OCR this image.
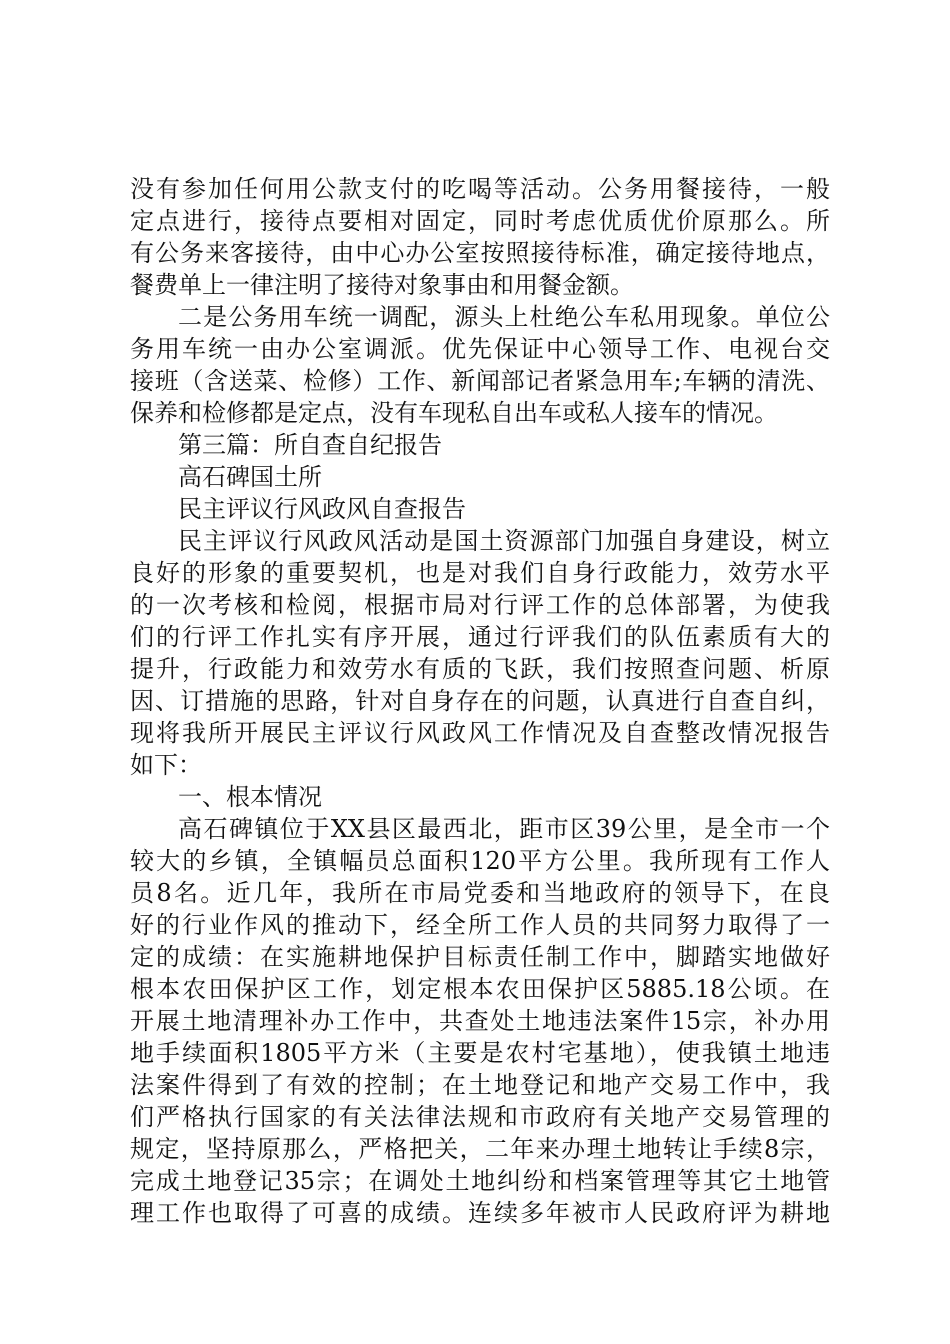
没有参加任何用公款支付的吃喝等活动。公务用餐接待，一般
定点进行，接待点要相对固定，同时考虑优质优价原那么。所
有公务来客接待，由中心办公室按照接待标准，确定接待地点，
餐费单上一律注明了接待对象事由和用餐金额。
二是公务用车统一调配，源头上杜绝公车私用现象。单位公
务用车统一由办公室调派。优先保证中心领导工作、电视台交
接班（含送菜、检修）工作、新闻部记者紧急用车;车辆的清洗、
保养和检修都是定点，没有车现私自出车或私人接车的情况。
第三篇：所自查自纪报告
高石碑国土所
民主评议行风政风自查报告
民主评议行风政风活动是国土资源部门加强自身建设，树立
良好的形象的重要契机，也是对我们自身行政能力，效劳水平
的一次考核和检阅，根据市局对行评工作的总体部署，为使我
们的行评工作扎实有序开展，通过行评我们的队伍素质有大的
提升，行政能力和效劳水有质的飞跃，我们按照查问题、析原
因、订措施的思路，针对自身存在的问题，认真进行自查自纠，
现将我所开展民主评议行风政风工作情况及自查整改情况报告
如下：
一、根本情况
高石碑镇位于XX县区最西北，距市区39公里，是全市一个
较大的乡镇，全镇幅员总面积120平方公里。我所现有工作人
员8名。近几年，我所在市局党委和当地政府的领导下，在良
好的行业作风的推动下，经全所工作人员的共同努力取得了一
定的成绩：在实施耕地保护目标责任制工作中，脚踏实地做好
根本农田保护区工作，划定根本农田保护区5885.18公顷。在
开展土地清理补办工作中，共查处土地违法案件15宗，补办用
地手续面积1805平方米（主要是农村宅基地），使我镇土地违
法案件得到了有效的控制；在土地登记和地产交易工作中，我
们严格执行国家的有关法律法规和市政府有关地产交易管理的
规定，坚持原那么，严格把关，二年来办理土地转让手续8宗，
完成土地登记35宗；在调处土地纠纷和档案管理等其它土地管
理工作也取得了可喜的成绩。连续多年被市人民政府评为耕地
